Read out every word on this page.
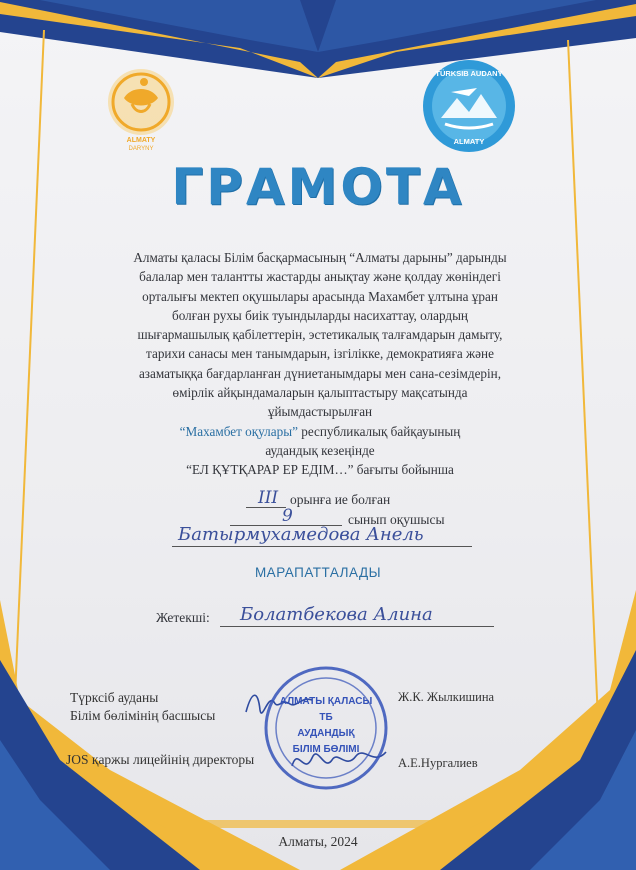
ALMATY
DARYNY
TÜRKSIB AUDANY
ALMATY
ГРАМОТА
Алматы қаласы Білім басқармасының “Алматы дарыны” дарынды
балалар мен талантты жастарды анықтау және қолдау жөніндегі
орталығы мектеп оқушылары арасында Махамбет ұлтына ұран
болған рухы биік туындыларды насихаттау, олардың
шығармашылық қабілеттерін, эстетикалық талғамдарын дамыту,
тарихи санасы мен танымдарын, ізгілікке, демократияға және
азаматыққа бағдарланған дүниетанымдары мен сана-сезімдерін,
өмірлік айқындамаларын қалыптастыру мақсатында
ұйымдастырылған
“Махамбет оқулары” республикалық байқауының
аудандық кезеңінде
“ЕЛ ҚҰТҚАРАР ЕР ЕДІМ…” бағыты бойынша
III орынға ие болған
9	сынып оқушысы
Батырмухамедова Анель
МАРАПАТТАЛАДЫ
Жетекші: Болатбекова Алина
Түрксіб ауданы
Білім бөлімінің басшысы
Ж.К. Жылкишина
JOS қаржы лицейінің директоры	А.Е.Нургалиев
АЛМАТЫ ҚАЛАСЫ
ТБ
АУДАНДЫҚ
БІЛІМ БӨЛІМІ
Алматы, 2024
